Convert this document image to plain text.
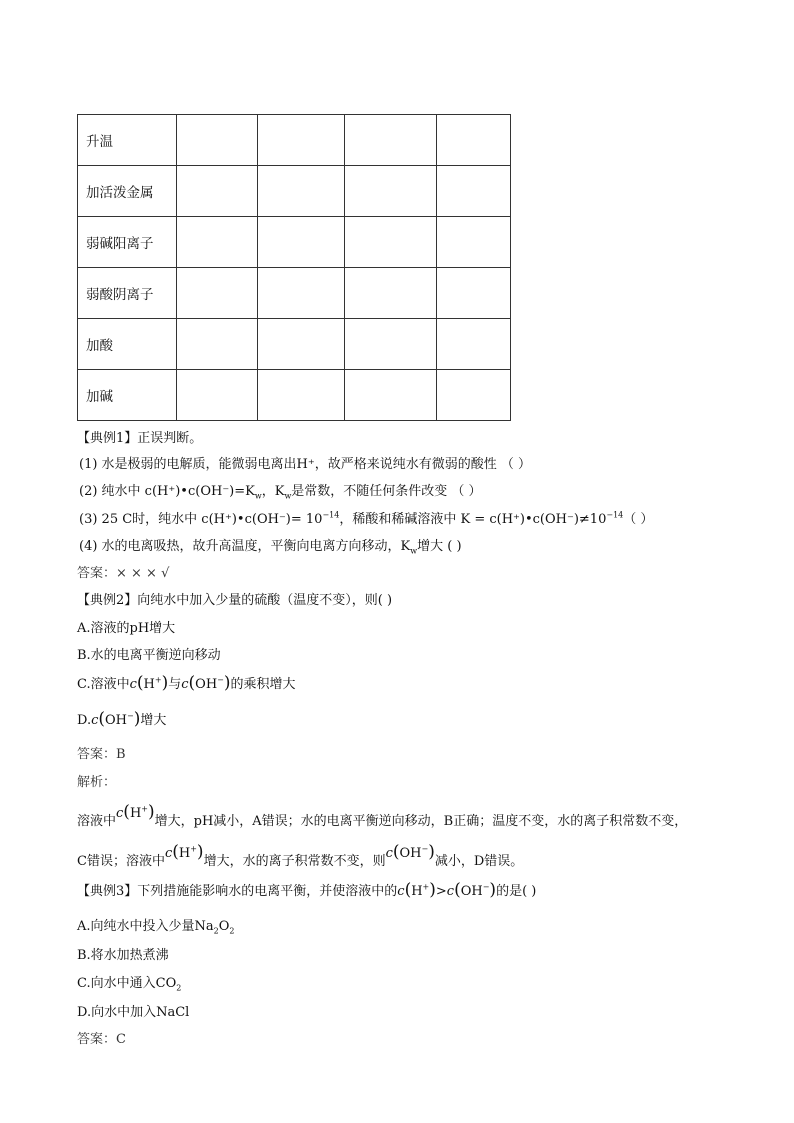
升温				
加活泼金属				
弱碱阳离子				
弱酸阴离子				
加酸				
加碱				
【典例1】正误判断。
(1) 水是极弱的电解质，能微弱电离出H⁺，故严格来说纯水有微弱的酸性 （ ）
(2) 纯水中 $c(H^+)•c(OH^-)=K_w$，$K_w$是常数，不随任何条件改变 （ ）
(3) 25 C时，纯水中 c(H⁺)•c(OH⁻)= $10^{-14}$，稀酸和稀碱溶液中 $K = c(H^+)•c(OH^-)\ne 10^{-14}$（ ）
(4) 水的电离吸热，故升高温度，平衡向电离方向移动，$K_w$增大 ( )
答案：× × × √
【典例2】向纯水中加入少量的硫酸（温度不变），则( )
A.溶液的pH增大
B.水的电离平衡逆向移动
C.溶液中c(H+)与c(OH−)的乘积增大
D.c(OH−)增大
答案：B
解析：
溶液中c(H+)增大，pH减小，A错误；水的电离平衡逆向移动，B正确；温度不变，水的离子积常数不变，
C错误；溶液中c(H+)增大，水的离子积常数不变，则c(OH−)减小，D错误。
【典例3】下列措施能影响水的电离平衡，并使溶液中的c(H+)>c(OH−)的是( )
A.向纯水中投入少量$Na_2O_2$
B.将水加热煮沸
C.向水中通入$CO_2$
D.向水中加入NaCl
答案：C
